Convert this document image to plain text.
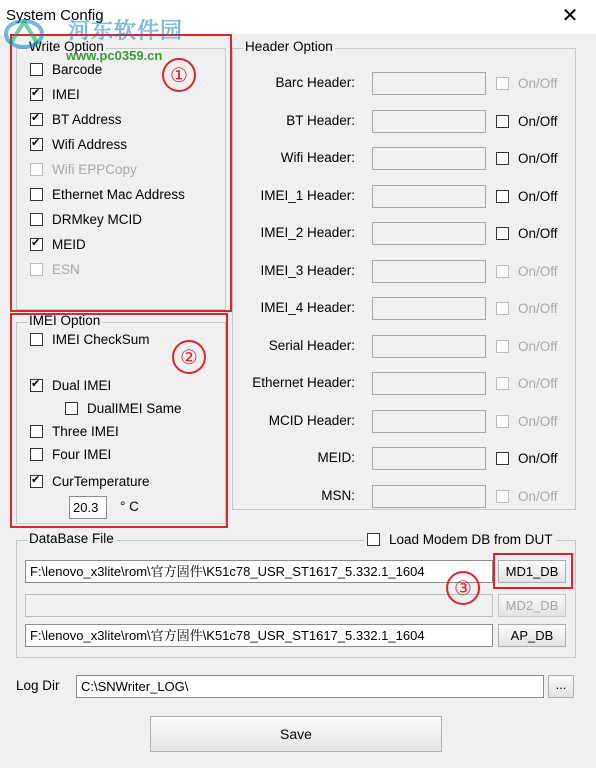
System Config	✕
Write Option
Barcode
✔
IMEI
✔
BT Address
✔
Wifi Address
Wifi EPPCopy
Ethernet Mac Address
DRMkey MCID
✔
MEID
ESN
IMEI Option
IMEI CheckSum
✔
Dual IMEI
DualIMEI Same
Three IMEI
Four IMEI
✔
CurTemperature
20.3	° C
Header Option
Barc Header:	On/Off
BT Header:	On/Off
Wifi Header:	On/Off
IMEI_1 Header:	On/Off
IMEI_2 Header:	On/Off
IMEI_3 Header:	On/Off
IMEI_4 Header:	On/Off
Serial Header:	On/Off
Ethernet Header:	On/Off
MCID Header:	On/Off
MEID:	On/Off
MSN:	On/Off
DataBase File	Load Modem DB from DUT
F:\lenovo_x3lite\rom\官方固件\K51c78_USR_ST1617_5.332.1_1604	MD1_DB
MD2_DB
F:\lenovo_x3lite\rom\官方固件\K51c78_USR_ST1617_5.332.1_1604	AP_DB
Log Dir	C:\SNWriter_LOG\	...
Save
①
②
③
河东软件园
www.pc0359.cn
